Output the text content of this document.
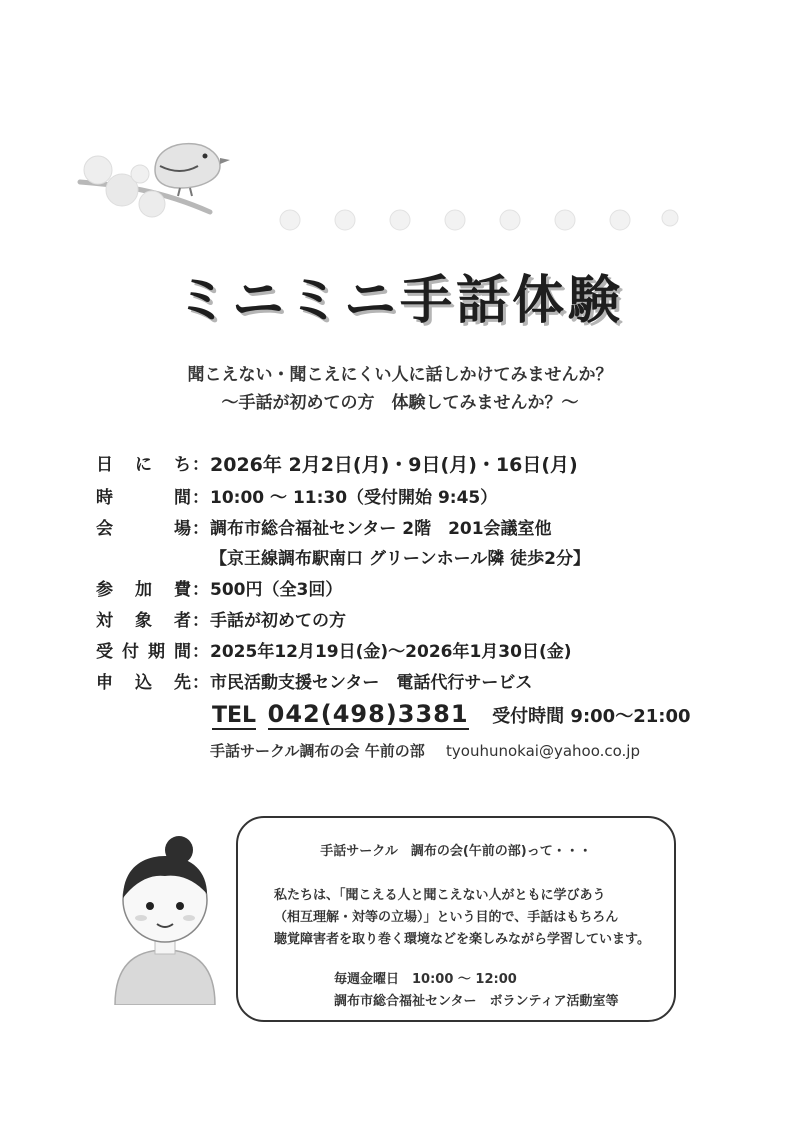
ミニミニ手話体験
聞こえない・聞こえにくい人に話しかけてみませんか？
～手話が初めての方　体験してみませんか？～
日 に ち ： 2026年 2月2日(月)・9日(月)・16日(月)
時	間 ： 10:00 ～ 11:30（受付開始 9:45）
会	場 ： 調布市総合福祉センター 2階　201会議室他
【京王線調布駅南口 グリーンホール隣 徒歩2分】
参 加 費 ： 500円（全3回）
対 象 者 ： 手話が初めての方
受 付 期 間 ： 2025年12月19日(金)～2026年1月30日(金)
申 込 先 ： 市民活動支援センター　電話代行サービス
TEL 042(498)3381 受付時間 9:00～21:00
手話サークル調布の会 午前の部 tyouhunokai@yahoo.co.jp
手話サークル　調布の会(午前の部)って・・・
私たちは、「聞こえる人と聞こえない人がともに学びあう
（相互理解・対等の立場）」という目的で、手話はもちろん
聴覚障害者を取り巻く環境などを楽しみながら学習しています。
毎週金曜日　10:00 ～ 12:00
調布市総合福祉センター　ボランティア活動室等
